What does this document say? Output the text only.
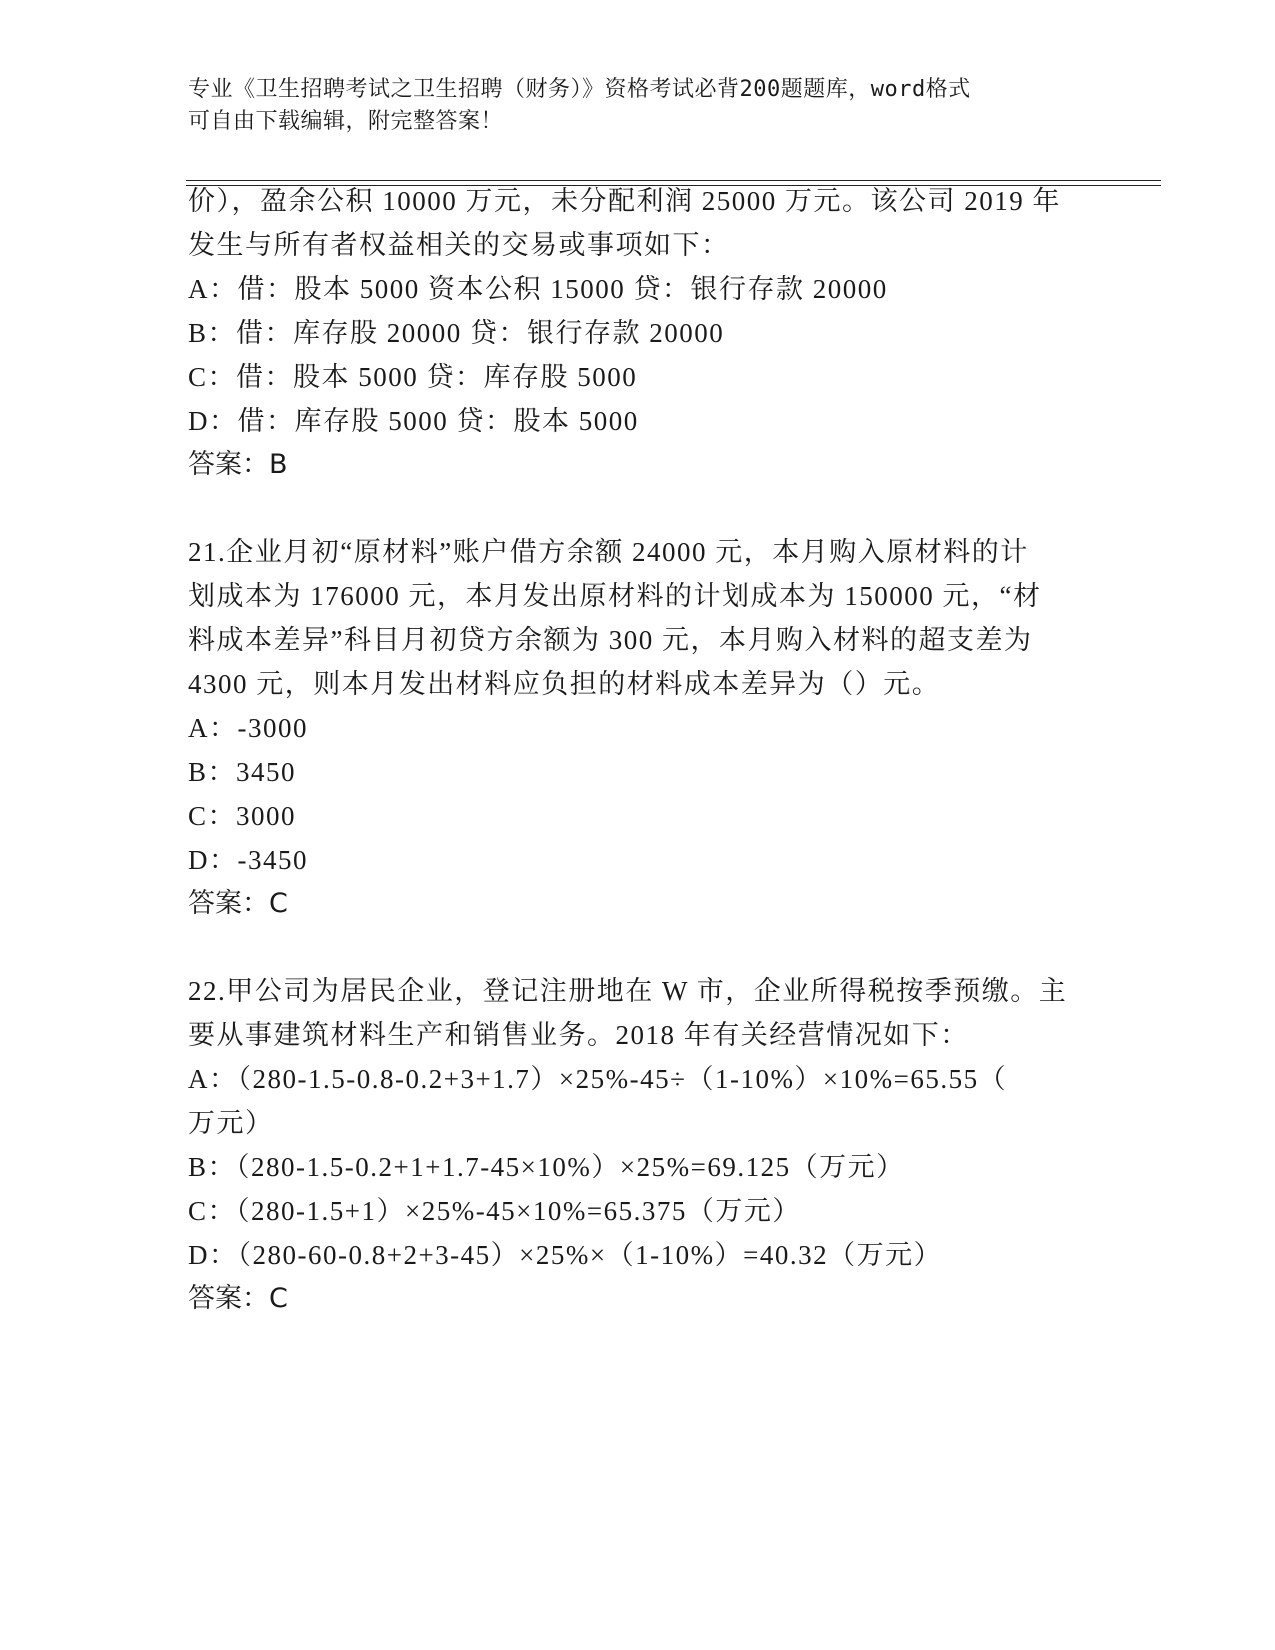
专业《卫生招聘考试之卫生招聘（财务）》资格考试必背200题题库，word格式
可自由下载编辑，附完整答案！
价），盈余公积 10000 万元，未分配利润 25000 万元。该公司 2019 年
发生与所有者权益相关的交易或事项如下：
A：借：股本 5000 资本公积 15000 贷：银行存款 20000
B：借：库存股 20000 贷：银行存款 20000
C：借：股本 5000 贷：库存股 5000
D：借：库存股 5000 贷：股本 5000
答案：B
21.企业月初“原材料”账户借方余额 24000 元，本月购入原材料的计
划成本为 176000 元，本月发出原材料的计划成本为 150000 元，“材
料成本差异”科目月初贷方余额为 300 元，本月购入材料的超支差为
4300 元，则本月发出材料应负担的材料成本差异为（）元。
A：-3000
B：3450
C：3000
D：-3450
答案：C
22.甲公司为居民企业，登记注册地在 W 市，企业所得税按季预缴。主
要从事建筑材料生产和销售业务。2018 年有关经营情况如下：
A：（280-1.5-0.8-0.2+3+1.7）×25%-45÷（1-10%）×10%=65.55（
万元）
B：（280-1.5-0.2+1+1.7-45×10%）×25%=69.125（万元）
C：（280-1.5+1）×25%-45×10%=65.375（万元）
D：（280-60-0.8+2+3-45）×25%×（1-10%）=40.32（万元）
答案：C
